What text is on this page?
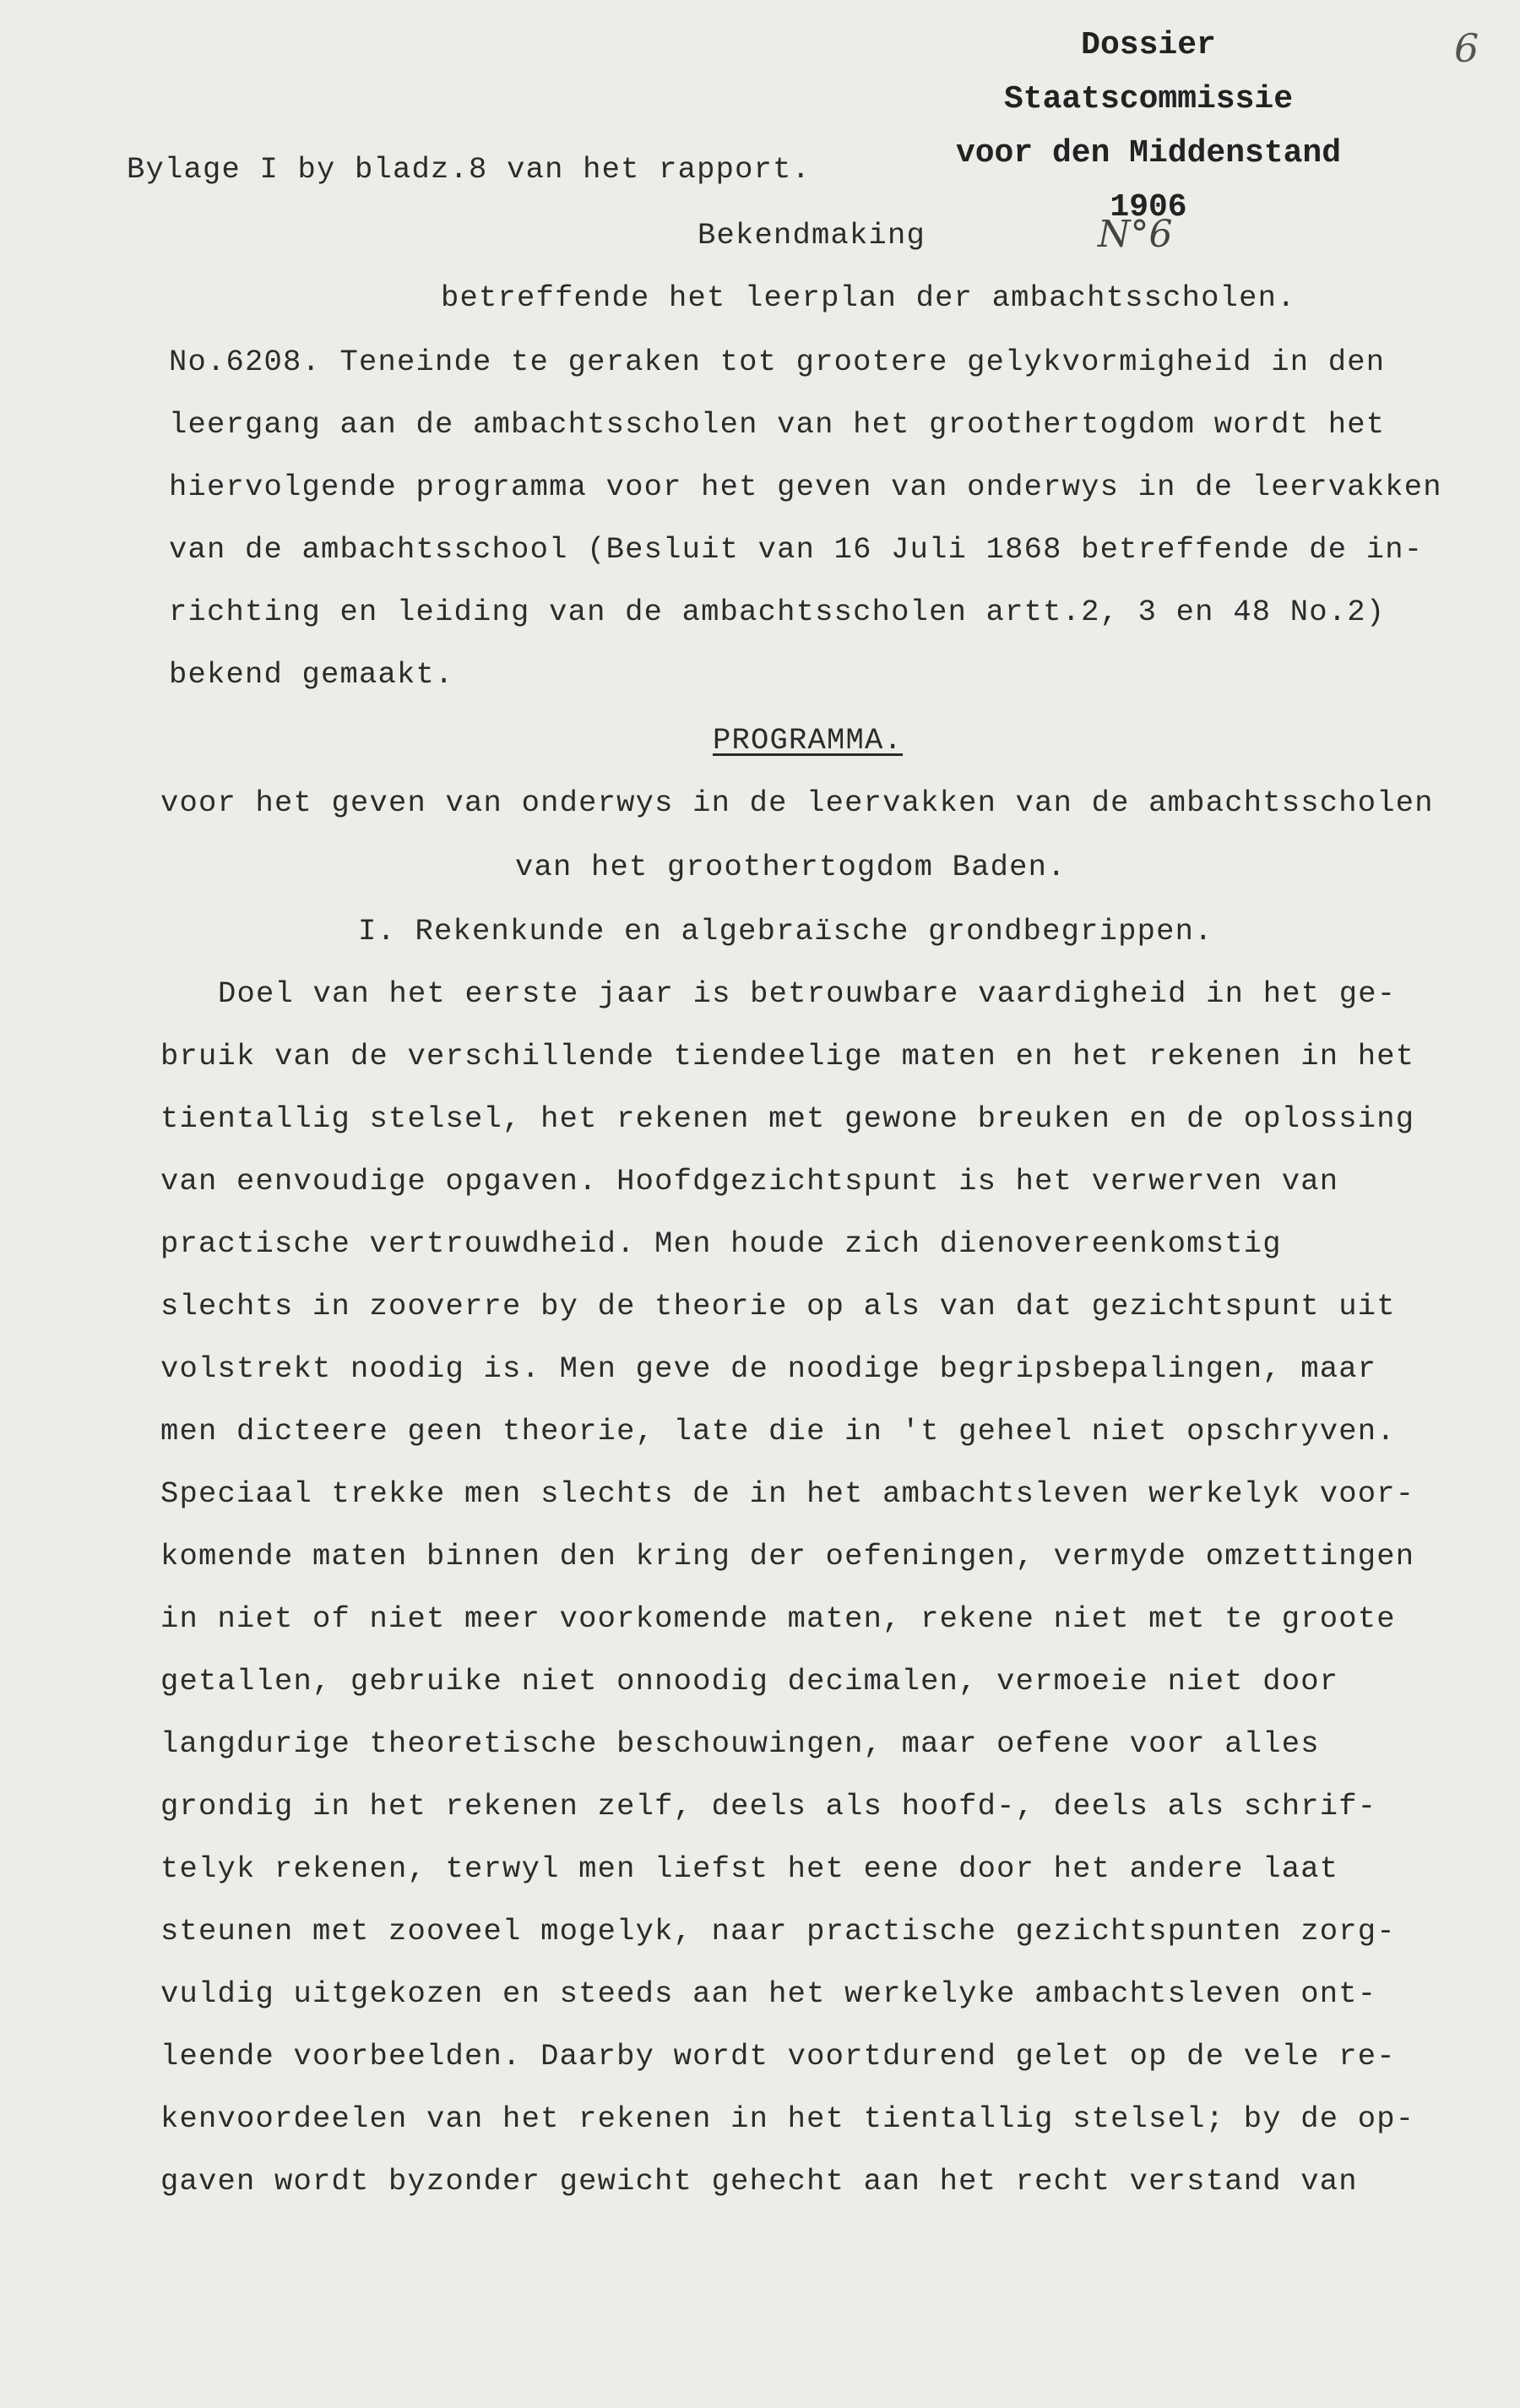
Dossier
Staatscommissie
voor den Middenstand
1906
6
N°6
Bylage I by bladz.8 van het rapport.
Bekendmaking
betreffende het leerplan der ambachtsscholen.
No.6208. Teneinde te geraken tot grootere gelykvormigheid in den
leergang aan de ambachtsscholen van het groothertogdom wordt het
hiervolgende programma voor het geven van onderwys in de leervakken
van de ambachtsschool (Besluit van 16 Juli 1868 betreffende de in-
richting en leiding van de ambachtsscholen artt.2, 3 en 48 No.2)
bekend gemaakt.
PROGRAMMA.
voor het geven van onderwys in de leervakken van de ambachtsscholen
van het groothertogdom Baden.
I. Rekenkunde en algebraïsche grondbegrippen.
Doel van het eerste jaar is betrouwbare vaardigheid in het ge-
bruik van de verschillende tiendeelige maten en het rekenen in het
tientallig stelsel, het rekenen met gewone breuken en de oplossing
van eenvoudige opgaven. Hoofdgezichtspunt is het verwerven van
practische vertrouwdheid. Men houde zich dienovereenkomstig
slechts in zooverre by de theorie op als van dat gezichtspunt uit
volstrekt noodig is. Men geve de noodige begripsbepalingen, maar
men dicteere geen theorie, late die in 't geheel niet opschryven.
Speciaal trekke men slechts de in het ambachtsleven werkelyk voor-
komende maten binnen den kring der oefeningen, vermyde omzettingen
in niet of niet meer voorkomende maten, rekene niet met te groote
getallen, gebruike niet onnoodig decimalen, vermoeie niet door
langdurige theoretische beschouwingen, maar oefene voor alles
grondig in het rekenen zelf, deels als hoofd-, deels als schrif-
telyk rekenen, terwyl men liefst het eene door het andere laat
steunen met zooveel mogelyk, naar practische gezichtspunten zorg-
vuldig uitgekozen en steeds aan het werkelyke ambachtsleven ont-
leende voorbeelden. Daarby wordt voortdurend gelet op de vele re-
kenvoordeelen van het rekenen in het tientallig stelsel; by de op-
gaven wordt byzonder gewicht gehecht aan het recht verstand van
